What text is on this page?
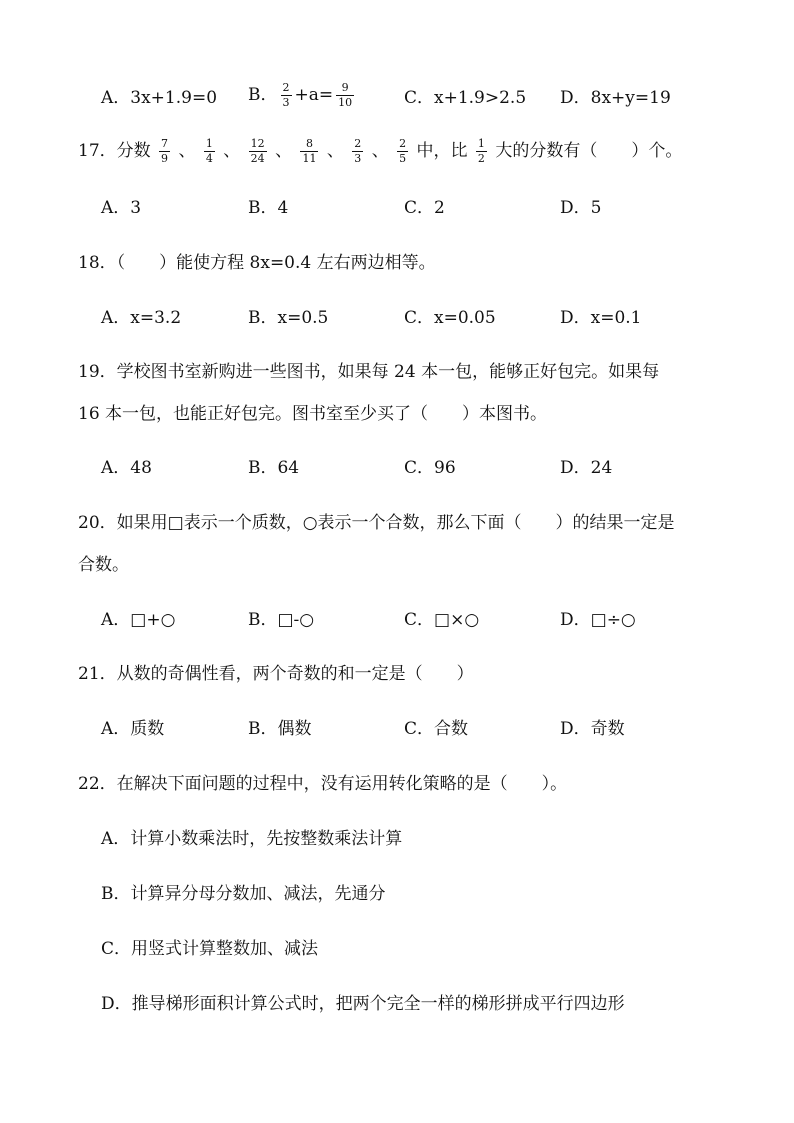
A．3x+1.9=0 B． $\frac{2}{3} +a= \frac{9}{10}$	C．x+1.9>2.5 D．8x+y=19
17．分数 $\frac{7}{9}$ 、 $\frac{1}{4}$ 、 $\frac{12}{24}$ 、 $\frac{8}{11}$ 、 $\frac{2}{3}$ 、 $\frac{2}{5}$ 中，比 $\frac{1}{2}$ 大的分数有（　　）个。
A．3	B．4	C．2	D．5
18．（　　）能使方程 8x=0.4 左右两边相等。
A．x=3.2	B．x=0.5	C．x=0.05	D．x=0.1
19．学校图书室新购进一些图书，如果每 24 本一包，能够正好包完。如果每
16 本一包，也能正好包完。图书室至少买了（　　）本图书。
A．48	B．64	C．96	D．24
20．如果用□表示一个质数，○表示一个合数，那么下面（　　）的结果一定是
合数。
A．□+○	B．□-○	C．□×○	D．□÷○
21．从数的奇偶性看，两个奇数的和一定是（　　）
A．质数	B．偶数	C．合数	D．奇数
22．在解决下面问题的过程中，没有运用转化策略的是（　　）。
A．计算小数乘法时，先按整数乘法计算
B．计算异分母分数加、减法，先通分
C．用竖式计算整数加、减法
D．推导梯形面积计算公式时，把两个完全一样的梯形拼成平行四边形
